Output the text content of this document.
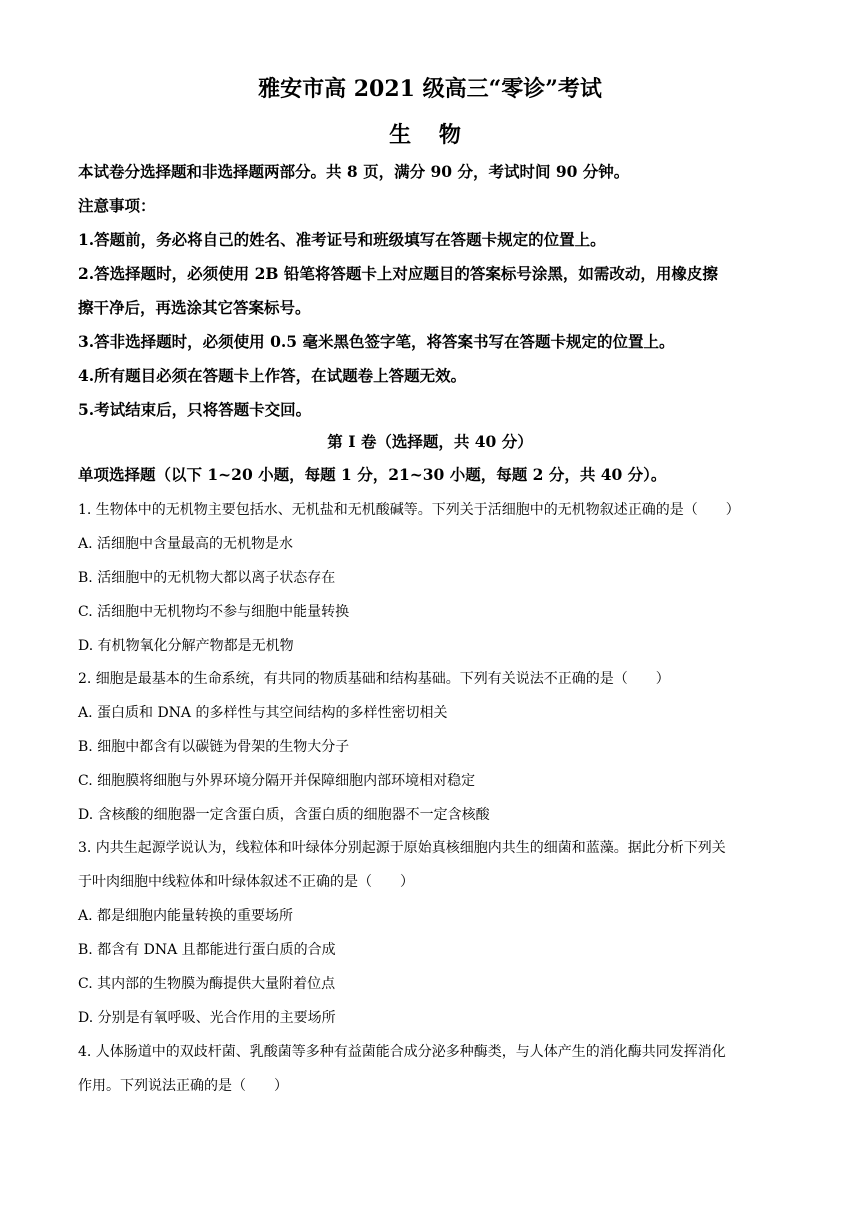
雅安市高 2021 级高三“零诊”考试
生 物
本试卷分选择题和非选择题两部分。共 8 页，满分 90 分，考试时间 90 分钟。
注意事项：
1.答题前，务必将自己的姓名、准考证号和班级填写在答题卡规定的位置上。
2.答选择题时，必须使用 2B 铅笔将答题卡上对应题目的答案标号涂黑，如需改动，用橡皮擦
擦干净后，再选涂其它答案标号。
3.答非选择题时，必须使用 0.5 毫米黑色签字笔，将答案书写在答题卡规定的位置上。
4.所有题目必须在答题卡上作答，在试题卷上答题无效。
5.考试结束后，只将答题卡交回。
第 I 卷（选择题，共 40 分）
单项选择题（以下 1~20 小题，每题 1 分，21~30 小题，每题 2 分，共 40 分）。
1. 生物体中的无机物主要包括水、无机盐和无机酸碱等。下列关于活细胞中的无机物叙述正确的是（　　）
A. 活细胞中含量最高的无机物是水
B. 活细胞中的无机物大都以离子状态存在
C. 活细胞中无机物均不参与细胞中能量转换
D. 有机物氧化分解产物都是无机物
2. 细胞是最基本的生命系统，有共同的物质基础和结构基础。下列有关说法不正确的是（　　）
A. 蛋白质和 DNA 的多样性与其空间结构的多样性密切相关
B. 细胞中都含有以碳链为骨架的生物大分子
C. 细胞膜将细胞与外界环境分隔开并保障细胞内部环境相对稳定
D. 含核酸的细胞器一定含蛋白质，含蛋白质的细胞器不一定含核酸
3. 内共生起源学说认为，线粒体和叶绿体分别起源于原始真核细胞内共生的细菌和蓝藻。据此分析下列关
于叶肉细胞中线粒体和叶绿体叙述不正确的是（　　）
A. 都是细胞内能量转换的重要场所
B. 都含有 DNA 且都能进行蛋白质的合成
C. 其内部的生物膜为酶提供大量附着位点
D. 分别是有氧呼吸、光合作用的主要场所
4. 人体肠道中的双歧杆菌、乳酸菌等多种有益菌能合成分泌多种酶类，与人体产生的消化酶共同发挥消化
作用。下列说法正确的是（　　）
